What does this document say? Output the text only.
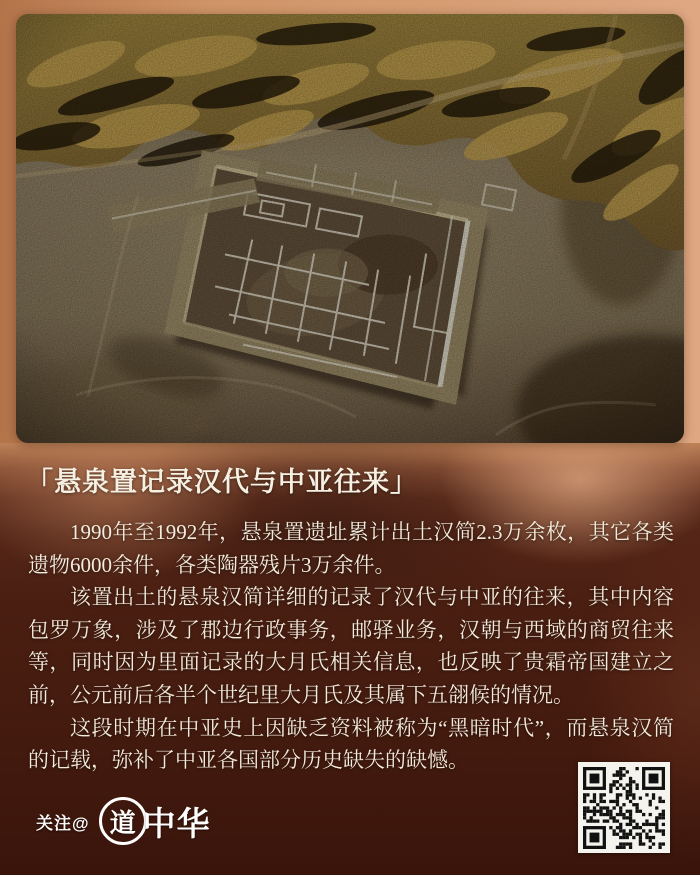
「悬泉置记录汉代与中亚往来」

1990年至1992年，悬泉置遗址累计出土汉简2.3万余枚，其它各类遗物6000余件，各类陶器残片3万余件。

该置出土的悬泉汉简详细的记录了汉代与中亚的往来，其中内容包罗万象，涉及了郡边行政事务，邮驿业务，汉朝与西域的商贸往来等，同时因为里面记录的大月氏相关信息，也反映了贵霜帝国建立之前，公元前后各半个世纪里大月氏及其属下五翖候的情况。

这段时期在中亚史上因缺乏资料被称为“黑暗时代”，而悬泉汉简的记载，弥补了中亚各国部分历史缺失的缺憾。

关注@ 道 中华
